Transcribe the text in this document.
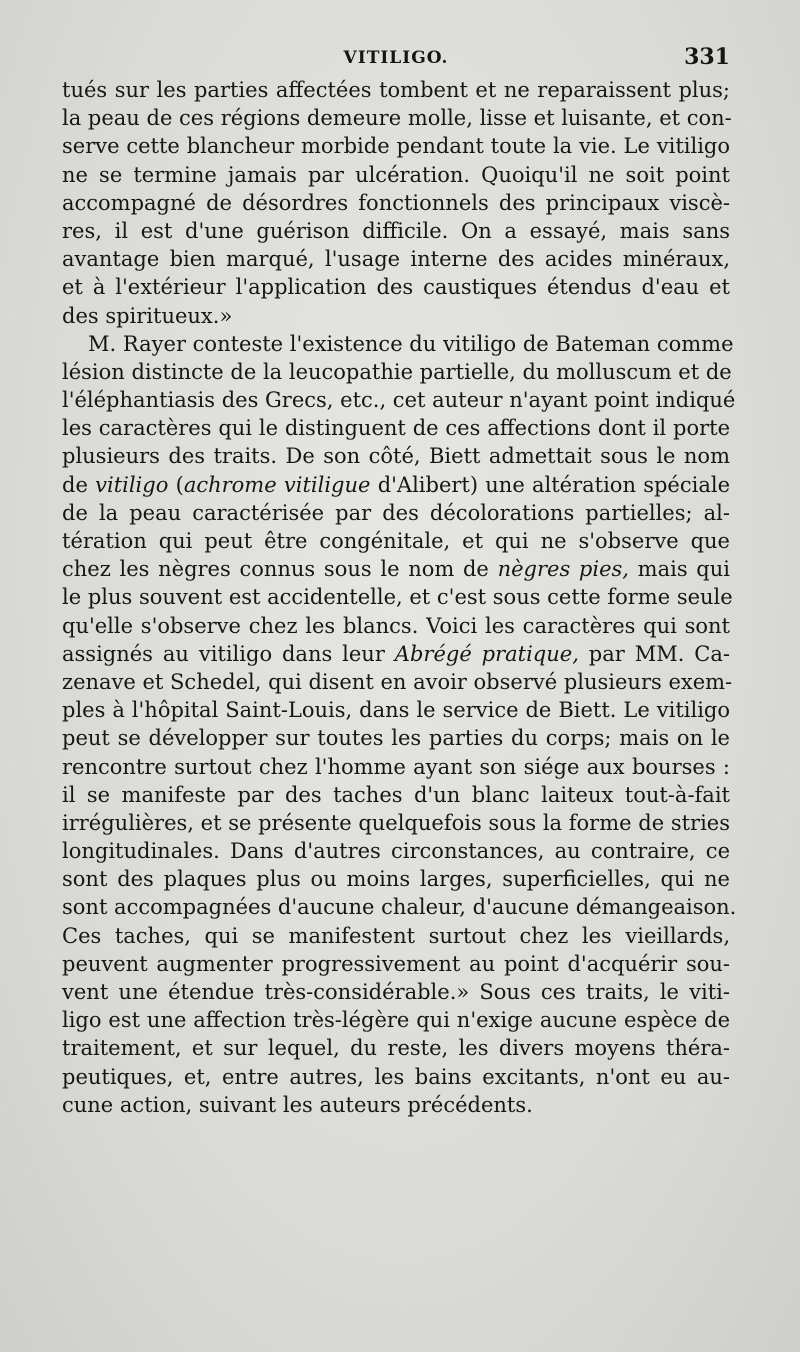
VITILIGO.	331
tués sur les parties affectées tombent et ne reparaissent plus;
la peau de ces régions demeure molle, lisse et luisante, et con-
serve cette blancheur morbide pendant toute la vie. Le vitiligo
ne se termine jamais par ulcération. Quoiqu'il ne soit point
accompagné de désordres fonctionnels des principaux viscè-
res, il est d'une guérison difficile. On a essayé, mais sans
avantage bien marqué, l'usage interne des acides minéraux,
et à l'extérieur l'application des caustiques étendus d'eau et
des spiritueux.»
M. Rayer conteste l'existence du vitiligo de Bateman comme
lésion distincte de la leucopathie partielle, du molluscum et de
l'éléphantiasis des Grecs, etc., cet auteur n'ayant point indiqué
les caractères qui le distinguent de ces affections dont il porte
plusieurs des traits. De son côté, Biett admettait sous le nom
de vitiligo (achrome vitiligue d'Alibert) une altération spéciale
de la peau caractérisée par des décolorations partielles; al-
tération qui peut être congénitale, et qui ne s'observe que
chez les nègres connus sous le nom de nègres pies, mais qui
le plus souvent est accidentelle, et c'est sous cette forme seule
qu'elle s'observe chez les blancs. Voici les caractères qui sont
assignés au vitiligo dans leur Abrégé pratique, par MM. Ca-
zenave et Schedel, qui disent en avoir observé plusieurs exem-
ples à l'hôpital Saint-Louis, dans le service de Biett. Le vitiligo
peut se développer sur toutes les parties du corps; mais on le
rencontre surtout chez l'homme ayant son siége aux bourses :
il se manifeste par des taches d'un blanc laiteux tout-à-fait
irrégulières, et se présente quelquefois sous la forme de stries
longitudinales. Dans d'autres circonstances, au contraire, ce
sont des plaques plus ou moins larges, superficielles, qui ne
sont accompagnées d'aucune chaleur, d'aucune démangeaison.
Ces taches, qui se manifestent surtout chez les vieillards,
peuvent augmenter progressivement au point d'acquérir sou-
vent une étendue très-considérable.» Sous ces traits, le viti-
ligo est une affection très-légère qui n'exige aucune espèce de
traitement, et sur lequel, du reste, les divers moyens théra-
peutiques, et, entre autres, les bains excitants, n'ont eu au-
cune action, suivant les auteurs précédents.
